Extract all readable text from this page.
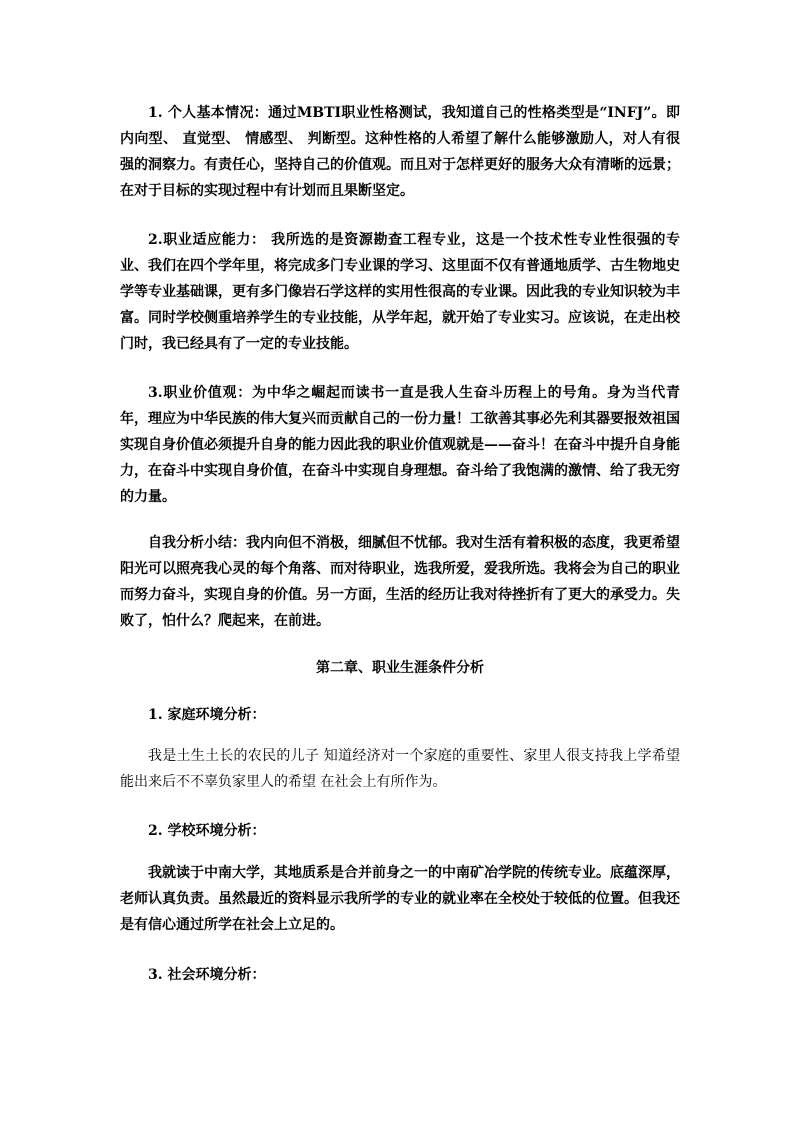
1. 个人基本情况：通过MBTI职业性格测试，我知道自己的性格类型是“INFJ”。即内向型、 直觉型、 情感型、 判断型。这种性格的人希望了解什么能够激励人，对人有很强的洞察力。有责任心，坚持自己的价值观。而且对于怎样更好的服务大众有清晰的远景；在对于目标的实现过程中有计划而且果断坚定。

2.职业适应能力： 我所选的是资源勘查工程专业，这是一个技术性专业性很强的专业、我们在四个学年里，将完成多门专业课的学习、这里面不仅有普通地质学、古生物地史学等专业基础课，更有多门像岩石学这样的实用性很高的专业课。因此我的专业知识较为丰富。同时学校侧重培养学生的专业技能，从学年起，就开始了专业实习。应该说，在走出校门时，我已经具有了一定的专业技能。

3.职业价值观：为中华之崛起而读书一直是我人生奋斗历程上的号角。身为当代青年，理应为中华民族的伟大复兴而贡献自己的一份力量！工欲善其事必先利其器要报效祖国实现自身价值必须提升自身的能力因此我的职业价值观就是——奋斗！在奋斗中提升自身能力，在奋斗中实现自身价值，在奋斗中实现自身理想。奋斗给了我饱满的激情、给了我无穷的力量。

自我分析小结：我内向但不消极，细腻但不忧郁。我对生活有着积极的态度，我更希望阳光可以照亮我心灵的每个角落、而对待职业，选我所爱，爱我所选。我将会为自己的职业而努力奋斗，实现自身的价值。另一方面，生活的经历让我对待挫折有了更大的承受力。失败了，怕什么？爬起来，在前进。

第二章、职业生涯条件分析

1. 家庭环境分析：

我是土生土长的农民的儿子 知道经济对一个家庭的重要性、家里人很支持我上学希望能出来后不不辜负家里人的希望 在社会上有所作为。

2. 学校环境分析：

我就读于中南大学，其地质系是合并前身之一的中南矿冶学院的传统专业。底蕴深厚，老师认真负责。虽然最近的资料显示我所学的专业的就业率在全校处于较低的位置。但我还是有信心通过所学在社会上立足的。

3. 社会环境分析：
